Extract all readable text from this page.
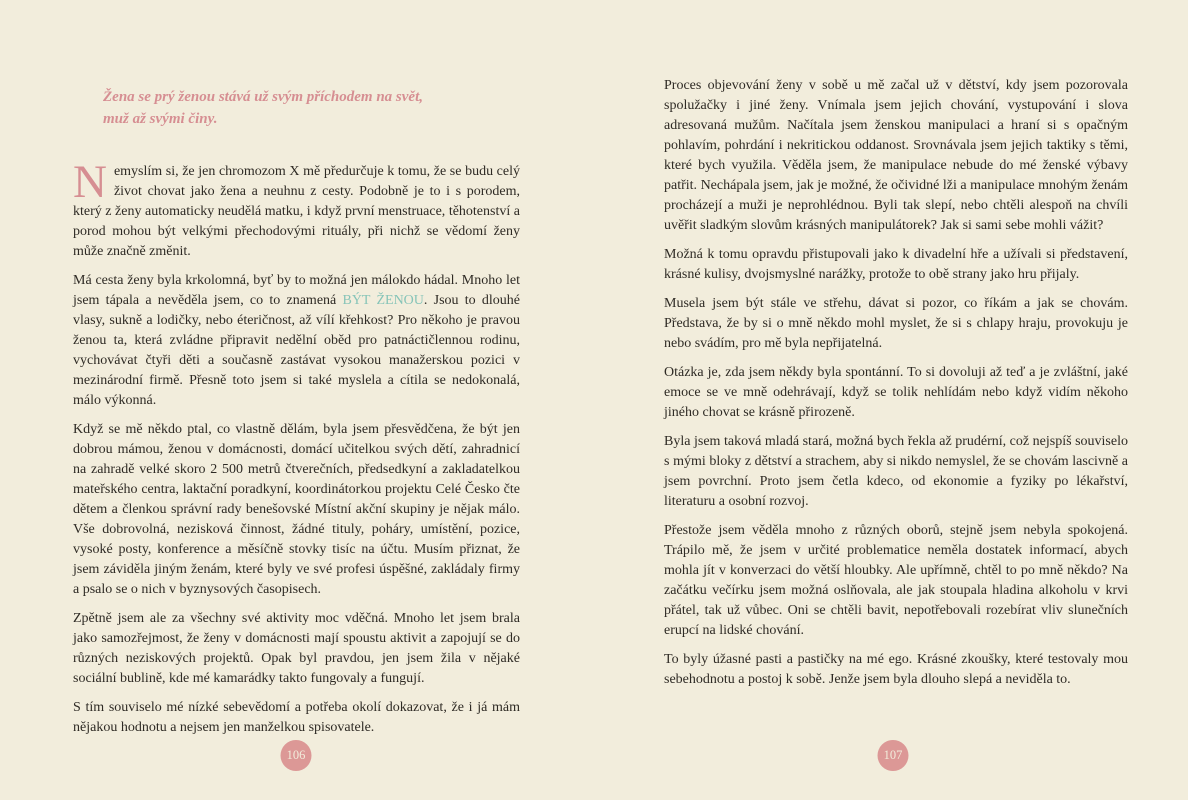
Žena se prý ženou stává už svým příchodem na svět,
muž až svými činy.

Nemyslím si, že jen chromozom X mě předurčuje k tomu, že se budu celý život chovat jako žena a neuhnu z cesty. Podobně je to i s porodem, který z ženy automaticky neudělá matku, i když první menstruace, těhotenství a porod mohou být velkými přechodovými rituály, při nichž se vědomí ženy může značně změnit.

Má cesta ženy byla krkolomná, byť by to možná jen málokdo hádal. Mnoho let jsem tápala a nevěděla jsem, co to znamená BÝT ŽENOU. Jsou to dlouhé vlasy, sukně a lodičky, nebo éteričnost, až vílí křehkost? Pro někoho je pravou ženou ta, která zvládne připravit nedělní oběd pro patnáctičlennou rodinu, vychovávat čtyři děti a současně zastávat vysokou manažerskou pozici v mezinárodní firmě. Přesně toto jsem si také myslela a cítila se nedokonalá, málo výkonná.

Když se mě někdo ptal, co vlastně dělám, byla jsem přesvědčena, že být jen dobrou mámou, ženou v domácnosti, domácí učitelkou svých dětí, zahradnicí na zahradě velké skoro 2 500 metrů čtverečních, předsedkyní a zakladatelkou mateřského centra, laktační poradkyní, koordinátorkou projektu Celé Česko čte dětem a členkou správní rady benešovské Místní akční skupiny je nějak málo. Vše dobrovolná, nezisková činnost, žádné tituly, poháry, umístění, pozice, vysoké posty, konference a měsíčně stovky tisíc na účtu. Musím přiznat, že jsem záviděla jiným ženám, které byly ve své profesi úspěšné, zakládaly firmy a psalo se o nich v byznysových časopisech.

Zpětně jsem ale za všechny své aktivity moc vděčná. Mnoho let jsem brala jako samozřejmost, že ženy v domácnosti mají spoustu aktivit a zapojují se do různých neziskových projektů. Opak byl pravdou, jen jsem žila v nějaké sociální bublině, kde mé kamarádky takto fungovaly a fungují.

S tím souviselo mé nízké sebevědomí a potřeba okolí dokazovat, že i já mám nějakou hodnotu a nejsem jen manželkou spisovatele.

106

Proces objevování ženy v sobě u mě začal už v dětství, kdy jsem pozorovala spolužačky i jiné ženy. Vnímala jsem jejich chování, vystupování i slova adresovaná mužům. Načítala jsem ženskou manipulaci a hraní si s opačným pohlavím, pohrdání i nekritickou oddanost. Srovnávala jsem jejich taktiky s těmi, které bych využila. Věděla jsem, že manipulace nebude do mé ženské výbavy patřit. Nechápala jsem, jak je možné, že očividné lži a manipulace mnohým ženám procházejí a muži je neprohlédnou. Byli tak slepí, nebo chtěli alespoň na chvíli uvěřit sladkým slovům krásných manipulátorek? Jak si sami sebe mohli vážit?

Možná k tomu opravdu přistupovali jako k divadelní hře a užívali si představení, krásné kulisy, dvojsmyslné narážky, protože to obě strany jako hru přijaly.

Musela jsem být stále ve střehu, dávat si pozor, co říkám a jak se chovám. Představa, že by si o mně někdo mohl myslet, že si s chlapy hraju, provokuju je nebo svádím, pro mě byla nepřijatelná.

Otázka je, zda jsem někdy byla spontánní. To si dovoluji až teď a je zvláštní, jaké emoce se ve mně odehrávají, když se tolik nehlídám nebo když vidím někoho jiného chovat se krásně přirozeně.

Byla jsem taková mladá stará, možná bych řekla až prudérní, což nejspíš souviselo s mými bloky z dětství a strachem, aby si nikdo nemyslel, že se chovám lascivně a jsem povrchní. Proto jsem četla kdeco, od ekonomie a fyziky po lékařství, literaturu a osobní rozvoj.

Přestože jsem věděla mnoho z různých oborů, stejně jsem nebyla spokojená. Trápilo mě, že jsem v určité problematice neměla dostatek informací, abych mohla jít v konverzaci do větší hloubky. Ale upřímně, chtěl to po mně někdo? Na začátku večírku jsem možná oslňovala, ale jak stoupala hladina alkoholu v krvi přátel, tak už vůbec. Oni se chtěli bavit, nepotřebovali rozebírat vliv slunečních erupcí na lidské chování.

To byly úžasné pasti a pastičky na mé ego. Krásné zkoušky, které testovaly mou sebehodnotu a postoj k sobě. Jenže jsem byla dlouho slepá a neviděla to.

107
